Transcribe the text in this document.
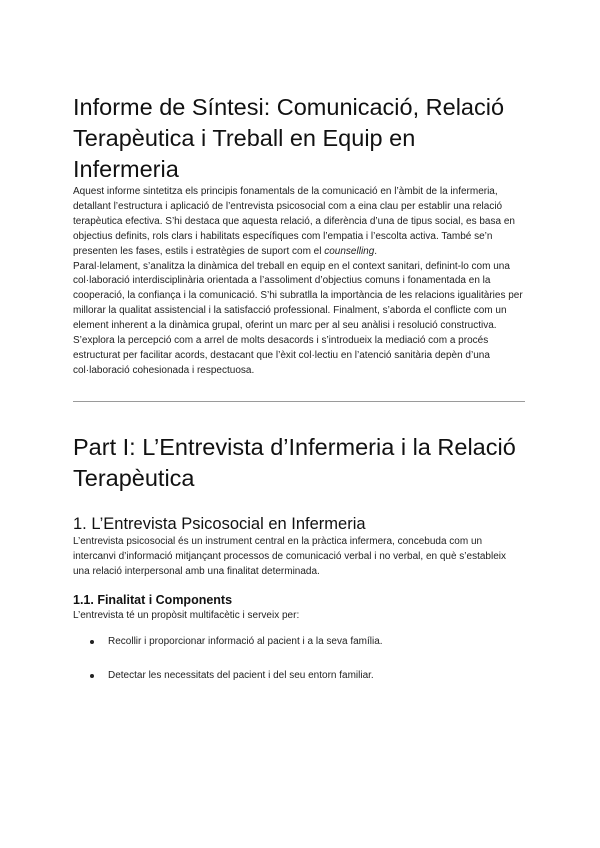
Informe de Síntesi: Comunicació, Relació Terapèutica i Treball en Equip en Infermeria

Aquest informe sintetitza els principis fonamentals de la comunicació en l’àmbit de la infermeria, detallant l’estructura i aplicació de l’entrevista psicosocial com a eina clau per establir una relació terapèutica efectiva. S’hi destaca que aquesta relació, a diferència d’una de tipus social, es basa en objectius definits, rols clars i habilitats específiques com l’empatia i l’escolta activa. També se’n presenten les fases, estils i estratègies de suport com el counselling.

Paral·lelament, s’analitza la dinàmica del treball en equip en el context sanitari, definint-lo com una col·laboració interdisciplinària orientada a l’assoliment d’objectius comuns i fonamentada en la cooperació, la confiança i la comunicació. S’hi subratlla la importància de les relacions igualitàries per millorar la qualitat assistencial i la satisfacció professional. Finalment, s’aborda el conflicte com un element inherent a la dinàmica grupal, oferint un marc per al seu anàlisi i resolució constructiva. S’explora la percepció com a arrel de molts desacords i s’introdueix la mediació com a procés estructurat per facilitar acords, destacant que l’èxit col·lectiu en l’atenció sanitària depèn d’una col·laboració cohesionada i respectuosa.

Part I: L’Entrevista d’Infermeria i la Relació Terapèutica
1. L’Entrevista Psicosocial en Infermeria

L’entrevista psicosocial és un instrument central en la pràctica infermera, concebuda com un intercanvi d’informació mitjançant processos de comunicació verbal i no verbal, en què s’estableix una relació interpersonal amb una finalitat determinada.

1.1. Finalitat i Components

L’entrevista té un propòsit multifacètic i serveix per:

Recollir i proporcionar informació al pacient i a la seva família.
Detectar les necessitats del pacient i del seu entorn familiar.
